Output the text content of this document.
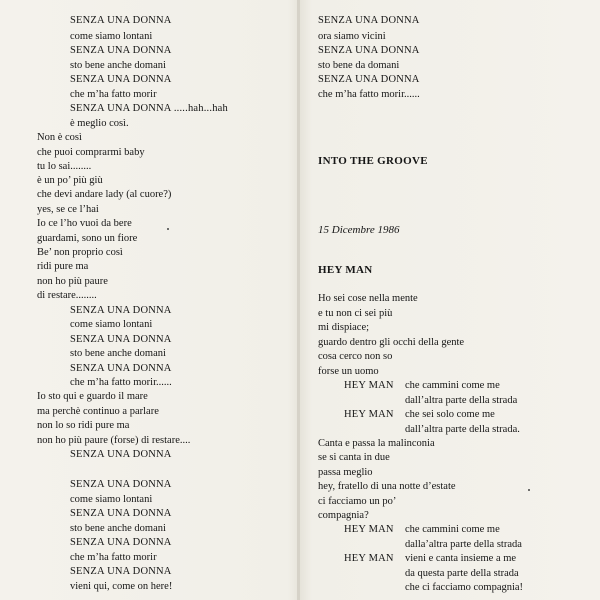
SENZA UNA DONNA
come siamo lontani
SENZA UNA DONNA
sto bene anche domani
SENZA UNA DONNA
che m’ha fatto morir
SENZA UNA DONNA .....hah...hah
è meglio così.
Non è così
che puoi comprarmi baby
tu lo sai........
è un po’ più giù
che devi andare lady (al cuore?)
yes, se ce l’hai
Io ce l’ho vuoi da bere
guardami, sono un fiore
Be’ non proprio così
ridi pure ma
non ho più paure
di restare........
SENZA UNA DONNA
come siamo lontani
SENZA UNA DONNA
sto bene anche domani
SENZA UNA DONNA
che m’ha fatto morir......
Io sto qui e guardo il mare
ma perchè continuo a parlare
non lo so ridi pure ma
non ho più paure (forse) di restare....
SENZA UNA DONNA
SENZA UNA DONNA
come siamo lontani
SENZA UNA DONNA
sto bene anche domani
SENZA UNA DONNA
che m’ha fatto morir
SENZA UNA DONNA
vieni qui, come on here!
SENZA UNA DONNA
ora siamo vicini
SENZA UNA DONNA
sto bene da domani
SENZA UNA DONNA
che m’ha fatto morir......
INTO THE GROOVE
15 Dicembre 1986
HEY MAN
Ho sei cose nella mente
e tu non ci sei più
mi dispiace;
guardo dentro gli occhi della gente
cosa cerco non so
forse un uomo
HEY MAN che cammini come me
dall’altra parte della strada
HEY MAN che sei solo come me
dall’altra parte della strada.
Canta e passa la malinconia
se si canta in due
passa meglio
hey, fratello di una notte d’estate
ci facciamo un po’
compagnia?
HEY MAN che cammini come me
dalla’altra parte della strada
HEY MAN vieni e canta insieme a me
da questa parte della strada
che ci facciamo compagnia!
